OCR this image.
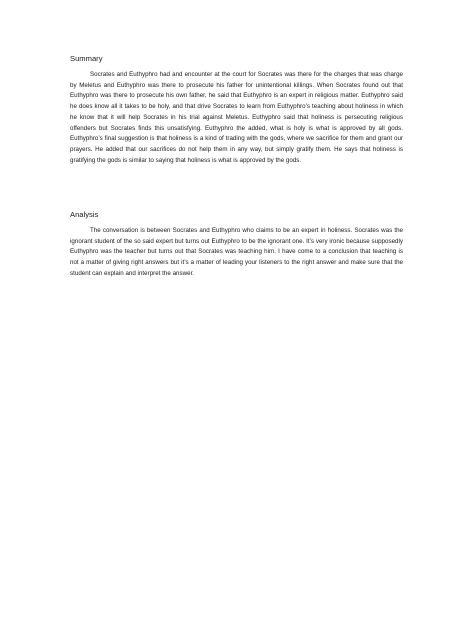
Summary

Socrates and Euthyphro had and encounter at the court for Socrates was there for the charges that was charge by Meletus and Euthyphro was there to prosecute his father for unintentional killings. When Socrates found out that Euthyphro was there to prosecute his own father, he said that Euthyphro is an expert in religious matter. Euthyphro said he does know all it takes to be holy, and that drive Socrates to learn from Euthyphro’s teaching about holiness in which he know that it will help Socrates in his trial against Meletus. Euthyphro said that holiness is persecuting religious offenders but Socrates finds this unsatisfying. Euthyphro the added, what is holy is what is approved by all gods. Euthyphro’s final suggestion is that holiness is a kind of trading with the gods, where we sacrifice for them and grant our prayers. He added that our sacrifices do not help them in any way, but simply gratify them. He says that holiness is gratifying the gods is similar to saying that holiness is what is approved by the gods.

Analysis

The conversation is between Socrates and Euthyphro who claims to be an expert in holiness. Socrates was the ignorant student of the so said expert but turns out Euthyphro to be the ignorant one. It’s very ironic because supposedly Euthyphro was the teacher but turns out that Socrates was teaching him. I have come to a conclusion that teaching is not a matter of giving right answers but it’s a matter of leading your listeners to the right answer and make sure that the student can explain and interpret the answer.
